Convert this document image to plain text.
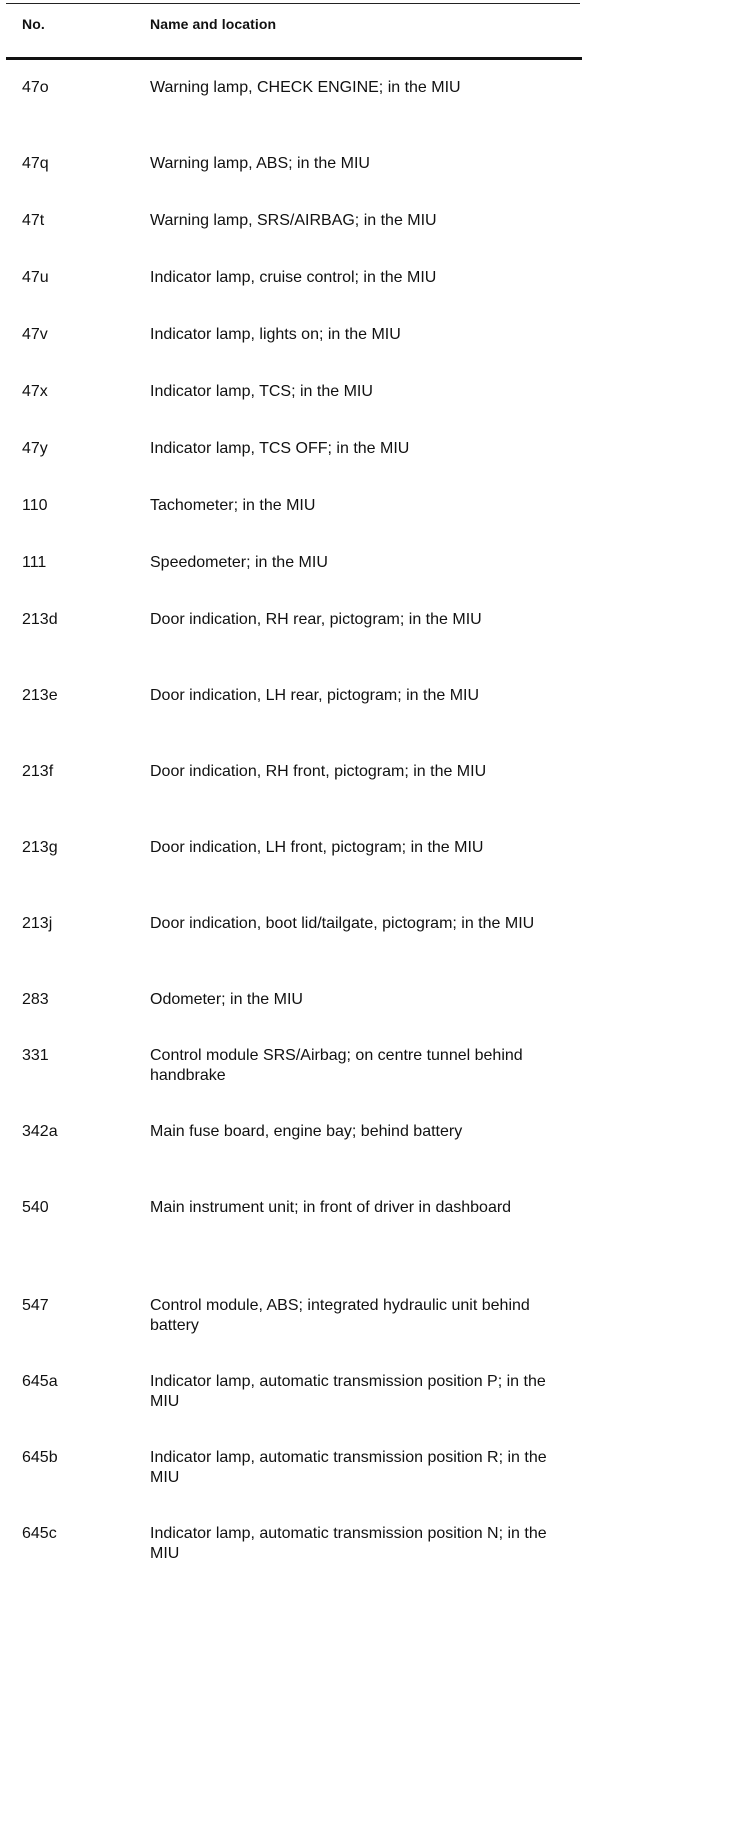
No.	Name and location
47o	Warning lamp, CHECK ENGINE; in the MIU
47q	Warning lamp, ABS; in the MIU
47t	Warning lamp, SRS/AIRBAG; in the MIU
47u	Indicator lamp, cruise control; in the MIU
47v	Indicator lamp, lights on; in the MIU
47x	Indicator lamp, TCS; in the MIU
47y	Indicator lamp, TCS OFF; in the MIU
110	Tachometer; in the MIU
111	Speedometer; in the MIU
213d	Door indication, RH rear, pictogram; in the MIU
213e	Door indication, LH rear, pictogram; in the MIU
213f	Door indication, RH front, pictogram; in the MIU
213g	Door indication, LH front, pictogram; in the MIU
213j	Door indication, boot lid/tailgate, pictogram; in the MIU
283	Odometer; in the MIU
331	Control module SRS/Airbag; on centre tunnel behind handbrake
342a	Main fuse board, engine bay; behind battery
540	Main instrument unit; in front of driver in dashboard
547	Control module, ABS; integrated hydraulic unit behind battery
645a	Indicator lamp, automatic transmission position P; in the MIU
645b	Indicator lamp, automatic transmission position R; in the MIU
645c	Indicator lamp, automatic transmission position N; in the MIU
